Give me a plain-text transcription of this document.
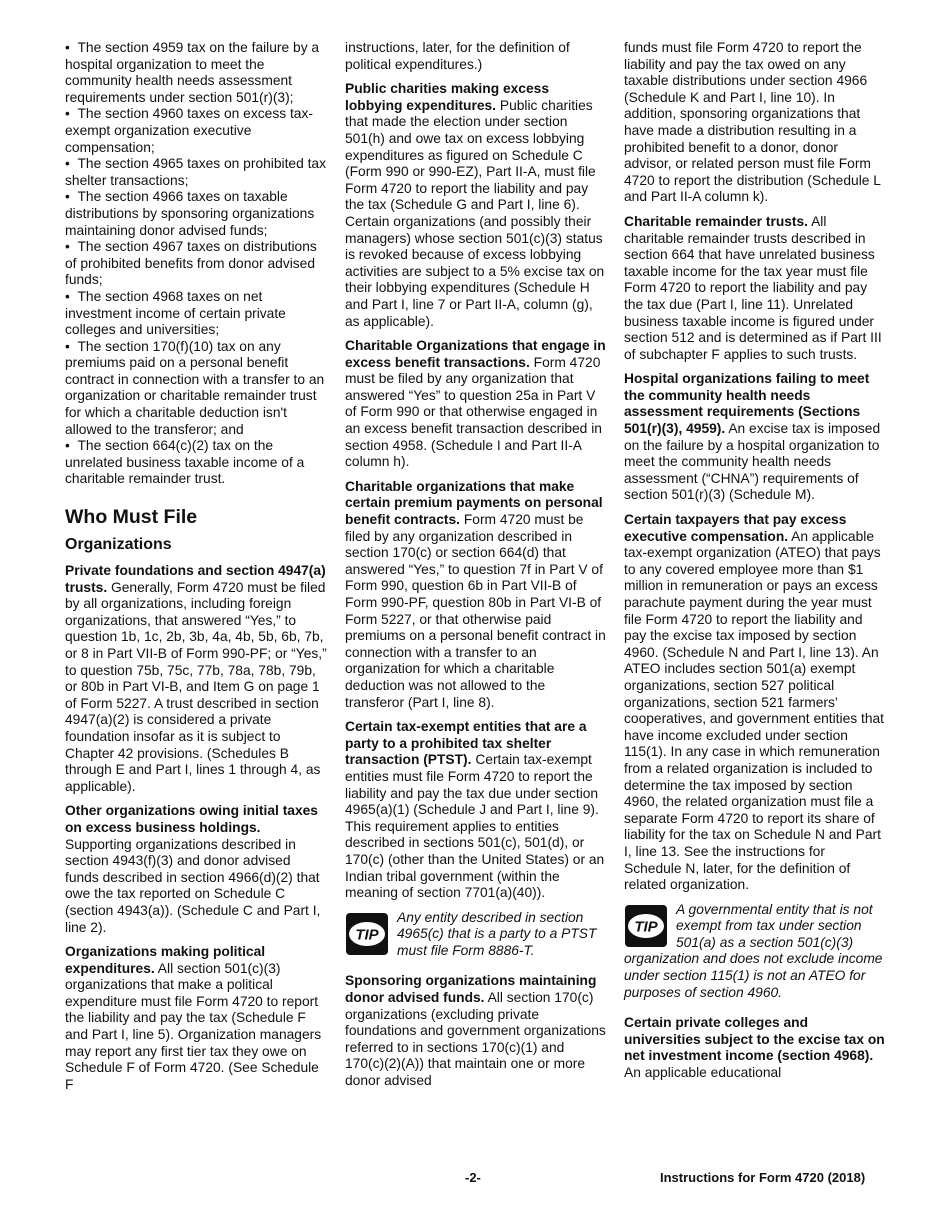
•  The section 4959 tax on the failure by a hospital organization to meet the community health needs assessment requirements under section 501(r)(3);
•  The section 4960 taxes on excess tax-exempt organization executive compensation;
•  The section 4965 taxes on prohibited tax shelter transactions;
•  The section 4966 taxes on taxable distributions by sponsoring organizations maintaining donor advised funds;
•  The section 4967 taxes on distributions of prohibited benefits from donor advised funds;
•  The section 4968 taxes on net investment income of certain private colleges and universities;
•  The section 170(f)(10) tax on any premiums paid on a personal benefit contract in connection with a transfer to an organization or charitable remainder trust for which a charitable deduction isn't allowed to the transferor; and
•  The section 664(c)(2) tax on the unrelated business taxable income of a charitable remainder trust.
Who Must File
Organizations

Private foundations and section 4947(a) trusts. Generally, Form 4720 must be filed by all organizations, including foreign organizations, that answered “Yes,” to question 1b, 1c, 2b, 3b, 4a, 4b, 5b, 6b, 7b, or 8 in Part VII-B of Form 990-PF; or “Yes,” to question 75b, 75c, 77b, 78a, 78b, 79b, or 80b in Part VI-B, and Item G on page 1 of Form 5227. A trust described in section 4947(a)(2) is considered a private foundation insofar as it is subject to Chapter 42 provisions. (Schedules B through E and Part I, lines 1 through 4, as applicable).

Other organizations owing initial taxes on excess business holdings. Supporting organizations described in section 4943(f)(3) and donor advised funds described in section 4966(d)(2) that owe the tax reported on Schedule C (section 4943(a)). (Schedule C and Part I, line 2).

Organizations making political expenditures. All section 501(c)(3) organizations that make a political expenditure must file Form 4720 to report the liability and pay the tax (Schedule F and Part I, line 5). Organization managers may report any first tier tax they owe on Schedule F of Form 4720. (See Schedule F

instructions, later, for the definition of political expenditures.)

Public charities making excess lobbying expenditures. Public charities that made the election under section 501(h) and owe tax on excess lobbying expenditures as figured on Schedule C (Form 990 or 990-EZ), Part II-A, must file Form 4720 to report the liability and pay the tax (Schedule G and Part I, line 6). Certain organizations (and possibly their managers) whose section 501(c)(3) status is revoked because of excess lobbying activities are subject to a 5% excise tax on their lobbying expenditures (Schedule H and Part I, line 7 or Part II-A, column (g), as applicable).

Charitable Organizations that engage in excess benefit transactions. Form 4720 must be filed by any organization that answered “Yes” to question 25a in Part V of Form 990 or that otherwise engaged in an excess benefit transaction described in section 4958. (Schedule I and Part II-A column h).

Charitable organizations that make certain premium payments on personal benefit contracts. Form 4720 must be filed by any organization described in section 170(c) or section 664(d) that answered “Yes,” to question 7f in Part V of Form 990, question 6b in Part VII-B of Form 990-PF, question 80b in Part VI-B of Form 5227, or that otherwise paid premiums on a personal benefit contract in connection with a transfer to an organization for which a charitable deduction was not allowed to the transferor (Part I, line 8).

Certain tax-exempt entities that are a party to a prohibited tax shelter transaction (PTST). Certain tax-exempt entities must file Form 4720 to report the liability and pay the tax due under section 4965(a)(1) (Schedule J and Part I, line 9). This requirement applies to entities described in sections 501(c), 501(d), or 170(c) (other than the United States) or an Indian tribal government (within the meaning of section 7701(a)(40)).

TIP
Any entity described in section 4965(c) that is a party to a PTST must file Form 8886-T.

Sponsoring organizations maintaining donor advised funds. All section 170(c) organizations (excluding private foundations and government organizations referred to in sections 170(c)(1) and 170(c)(2)(A)) that maintain one or more donor advised

funds must file Form 4720 to report the liability and pay the tax owed on any taxable distributions under section 4966 (Schedule K and Part I, line 10). In addition, sponsoring organizations that have made a distribution resulting in a prohibited benefit to a donor, donor advisor, or related person must file Form 4720 to report the distribution (Schedule L and Part II-A column k).

Charitable remainder trusts. All charitable remainder trusts described in section 664 that have unrelated business taxable income for the tax year must file Form 4720 to report the liability and pay the tax due (Part I, line 11). Unrelated business taxable income is figured under section 512 and is determined as if Part III of subchapter F applies to such trusts.

Hospital organizations failing to meet the community health needs assessment requirements (Sections 501(r)(3), 4959). An excise tax is imposed on the failure by a hospital organization to meet the community health needs assessment (“CHNA”) requirements of section 501(r)(3) (Schedule M).

Certain taxpayers that pay excess executive compensation. An applicable tax-exempt organization (ATEO) that pays to any covered employee more than $1 million in remuneration or pays an excess parachute payment during the year must file Form 4720 to report the liability and pay the excise tax imposed by section 4960. (Schedule N and Part I, line 13). An ATEO includes section 501(a) exempt organizations, section 527 political organizations, section 521 farmers’ cooperatives, and government entities that have income excluded under section 115(1). In any case in which remuneration from a related organization is included to determine the tax imposed by section 4960, the related organization must file a separate Form 4720 to report its share of liability for the tax on Schedule N and Part I, line 13. See the instructions for Schedule N, later, for the definition of related organization.

TIP
A governmental entity that is not exempt from tax under section 501(a) as a section 501(c)(3) organization and does not exclude income under section 115(1) is not an ATEO for purposes of section 4960.

Certain private colleges and universities subject to the excise tax on net investment income (section 4968). An applicable educational

-2-	Instructions for Form 4720 (2018)
